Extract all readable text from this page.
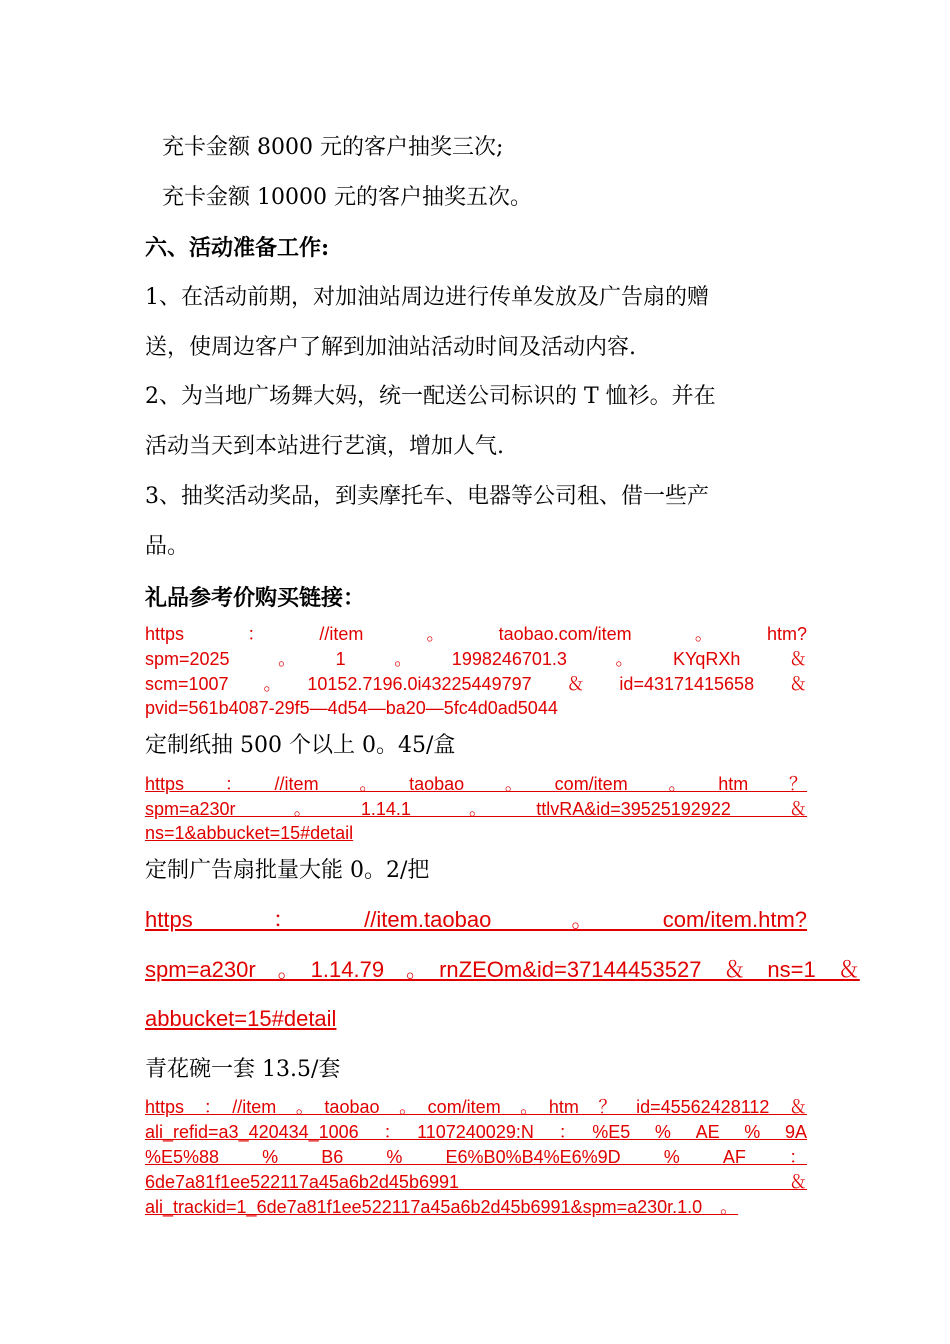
充卡金额 8000 元的客户抽奖三次;
充卡金额 10000 元的客户抽奖五次。
六、活动准备工作:
1、在活动前期，对加油站周边进行传单发放及广告扇的赠
送，使周边客户了解到加油站活动时间及活动内容.
2、为当地广场舞大妈，统一配送公司标识的 T 恤衫。并在
活动当天到本站进行艺演，增加人气.
3、抽奖活动奖品，到卖摩托车、电器等公司租、借一些产
品。
礼品参考价购买链接：
https　：　//item　。　taobao.com/item　。　htm?
spm=2025　。　1　。　1998246701.3　。　KYqRXh　＆
scm=1007　。　10152.7196.0i43225449797　＆　id=43171415658　＆
pvid=561b4087-29f5—4d54—ba20—5fc4d0ad5044
定制纸抽 500 个以上 0。45/盒
https　：　//item　。　taobao　。　com/item　。　htm　？
spm=a230r　。　1.14.1　。　ttlvRA&id=39525192922　＆
ns=1&abbucket=15#detail
定制广告扇批量大能 0。2/把
https　：　//item.taobao　。　com/item.htm?
spm=a230r　。　1.14.79　。　rnZEOm&id=37144453527　＆　ns=1　＆
abbucket=15#detail
青花碗一套 13.5/套
https　：　//item　。　taobao　。　com/item　。　htm　？　id=45562428112　＆
ali_refid=a3_420434_1006　：　1107240029:N　：　%E5　%　AE　%　9A
%E5%88　%　B6　%　E6%B0%B4%E6%9D　%　AF　：
6de7a81f1ee522117a45a6b2d45b6991　＆
ali_trackid=1_6de7a81f1ee522117a45a6b2d45b6991&spm=a230r.1.0　。
